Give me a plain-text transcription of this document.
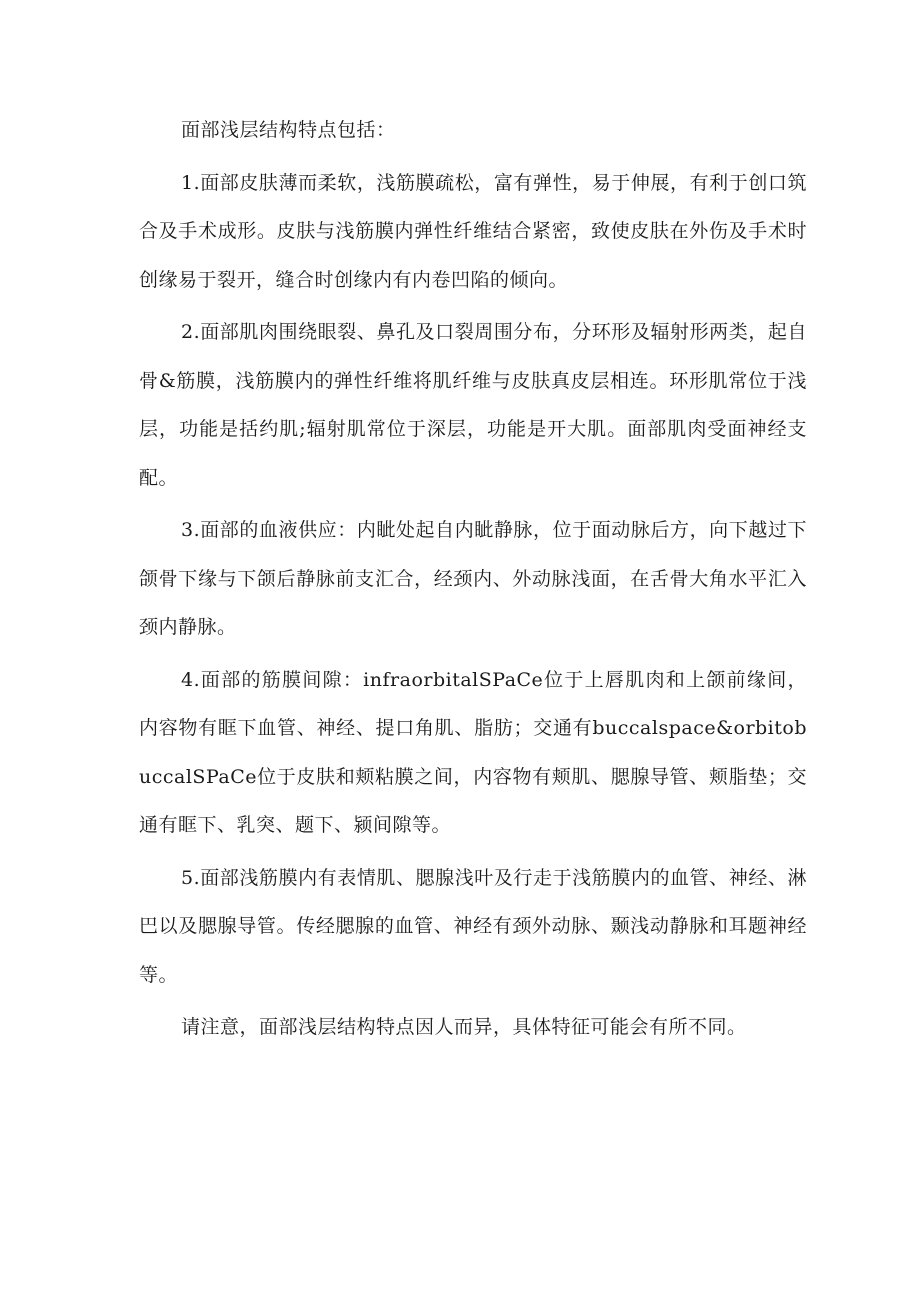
面部浅层结构特点包括：

1.面部皮肤薄而柔软，浅筋膜疏松，富有弹性，易于伸展，有利于创口筑合及手术成形。皮肤与浅筋膜内弹性纤维结合紧密，致使皮肤在外伤及手术时创缘易于裂开，缝合时创缘内有内卷凹陷的倾向。

2.面部肌肉围绕眼裂、鼻孔及口裂周围分布，分环形及辐射形两类，起自骨&筋膜，浅筋膜内的弹性纤维将肌纤维与皮肤真皮层相连。环形肌常位于浅层，功能是括约肌;辐射肌常位于深层，功能是开大肌。面部肌肉受面神经支配。

3.面部的血液供应：内眦处起自内眦静脉，位于面动脉后方，向下越过下颌骨下缘与下颌后静脉前支汇合，经颈内、外动脉浅面，在舌骨大角水平汇入颈内静脉。

4.面部的筋膜间隙：infraorbitalSPaCe位于上唇肌肉和上颌前缘间，内容物有眶下血管、神经、提口角肌、脂肪；交通有buccalspace&orbitobuccalSPaCe位于皮肤和颊粘膜之间，内容物有颊肌、腮腺导管、颊脂垫；交通有眶下、乳突、题下、颍间隙等。

5.面部浅筋膜内有表情肌、腮腺浅叶及行走于浅筋膜内的血管、神经、淋巴以及腮腺导管。传经腮腺的血管、神经有颈外动脉、颞浅动静脉和耳题神经等。

请注意，面部浅层结构特点因人而异，具体特征可能会有所不同。
